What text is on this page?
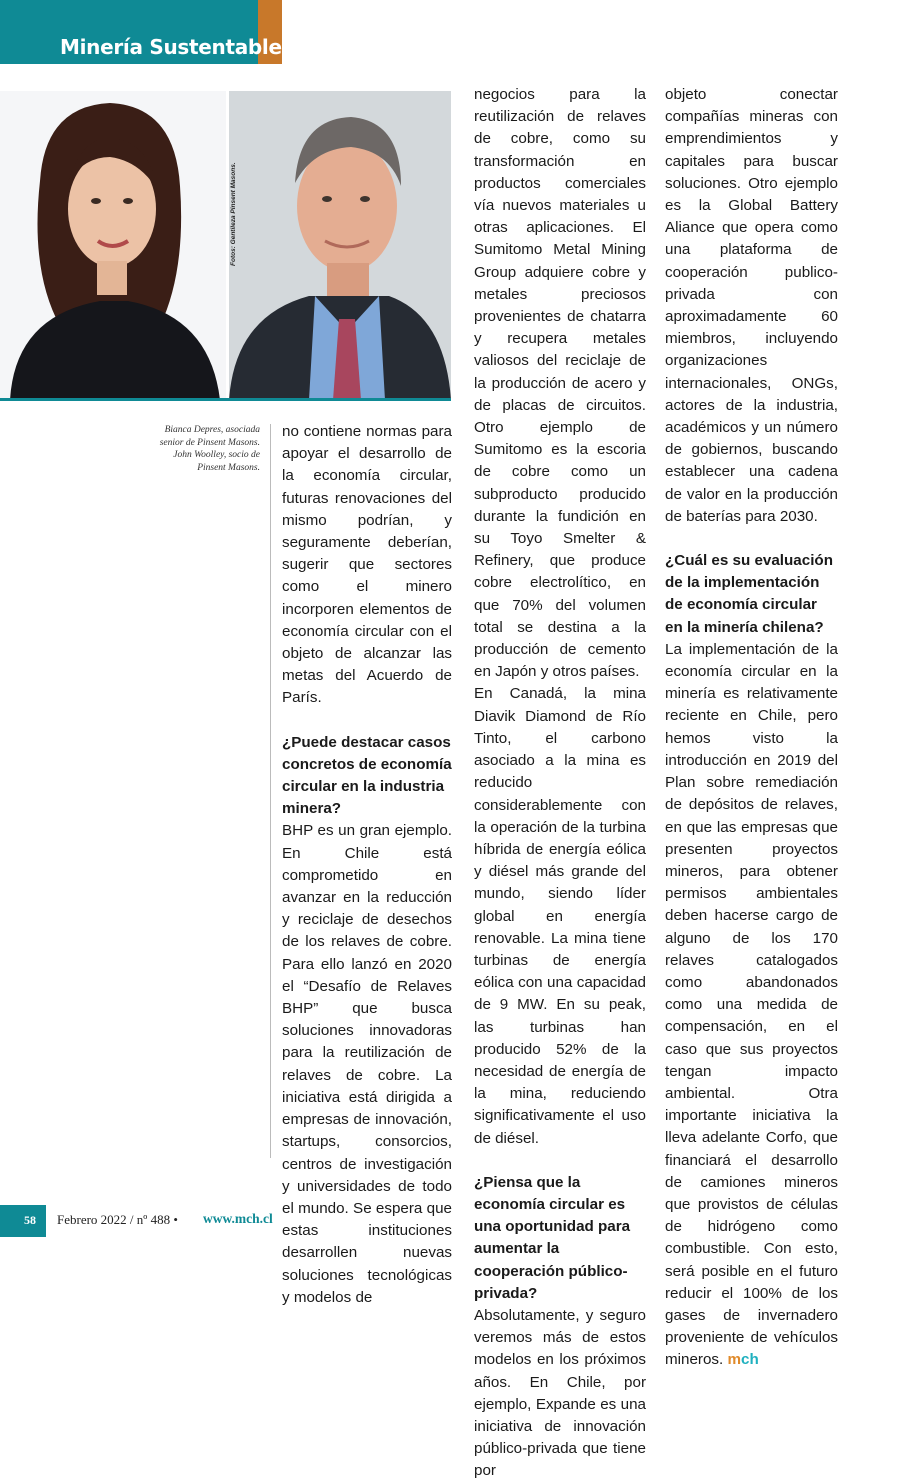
Minería Sustentable
Fotos: Gentileza Pinsent Masons.
Bianca Depres, asociada
senior de Pinsent Masons.
John Woolley, socio de
Pinsent Masons.

no contiene normas para apoyar el desarrollo de la economía circular, futuras renovaciones del mismo podrían, y seguramente deberían, sugerir que sectores como el minero incorporen elementos de economía circular con el objeto de alcanzar las metas del Acuerdo de París.

¿Puede destacar casos concretos de economía circular en la industria minera?

BHP es un gran ejemplo. En Chile está comprometido en avanzar en la reducción y reciclaje de desechos de los relaves de cobre. Para ello lanzó en 2020 el “Desafío de Relaves BHP” que busca soluciones innovadoras para la reutilización de relaves de cobre. La iniciativa está dirigida a empresas de innovación, startups, consorcios, centros de investigación y universidades de todo el mundo. Se espera que estas instituciones desarrollen nuevas soluciones tecnológicas y modelos de

negocios para la reutilización de relaves de cobre, como su transformación en productos comerciales vía nuevos materiales u otras aplicaciones. El Sumitomo Metal Mining Group adquiere cobre y metales preciosos provenientes de chatarra y recupera metales valiosos del reciclaje de la producción de acero y de placas de circuitos. Otro ejemplo de Sumitomo es la escoria de cobre como un subproducto producido durante la fundición en su Toyo Smelter & Refinery, que produce cobre electrolítico, en que 70% del volumen total se destina a la producción de cemento en Japón y otros países.

En Canadá, la mina Diavik Diamond de Río Tinto, el carbono asociado a la mina es reducido considerablemente con la operación de la turbina híbrida de energía eólica y diésel más grande del mundo, siendo líder global en energía renovable. La mina tiene turbinas de energía eólica con una capacidad de 9 MW. En su peak, las turbinas han producido 52% de la necesidad de energía de la mina, reduciendo significativamente el uso de diésel.

¿Piensa que la economía circular es una oportunidad para aumentar la cooperación público-privada?

Absolutamente, y seguro veremos más de estos modelos en los próximos años. En Chile, por ejemplo, Expande es una iniciativa de innovación público-privada que tiene por

objeto conectar compañías mineras con emprendimientos y capitales para buscar soluciones. Otro ejemplo es la Global Battery Aliance que opera como una plataforma de cooperación publico-privada con aproximadamente 60 miembros, incluyendo organizaciones internacionales, ONGs, actores de la industria, académicos y un número de gobiernos, buscando establecer una cadena de valor en la producción de baterías para 2030.

¿Cuál es su evaluación de la implementación de economía circular en la minería chilena?

La implementación de la economía circular en la minería es relativamente reciente en Chile, pero hemos visto la introducción en 2019 del Plan sobre remediación de depósitos de relaves, en que las empresas que presenten proyectos mineros, para obtener permisos ambientales deben hacerse cargo de alguno de los 170 relaves catalogados como abandonados como una medida de compensación, en el caso que sus proyectos tengan impacto ambiental. Otra importante iniciativa la lleva adelante Corfo, que financiará el desarrollo de camiones mineros que provistos de células de hidrógeno como combustible. Con esto, será posible en el futuro reducir el 100% de los gases de invernadero proveniente de vehículos mineros. mch

58 Febrero 2022 / nº 488 • www.mch.cl
